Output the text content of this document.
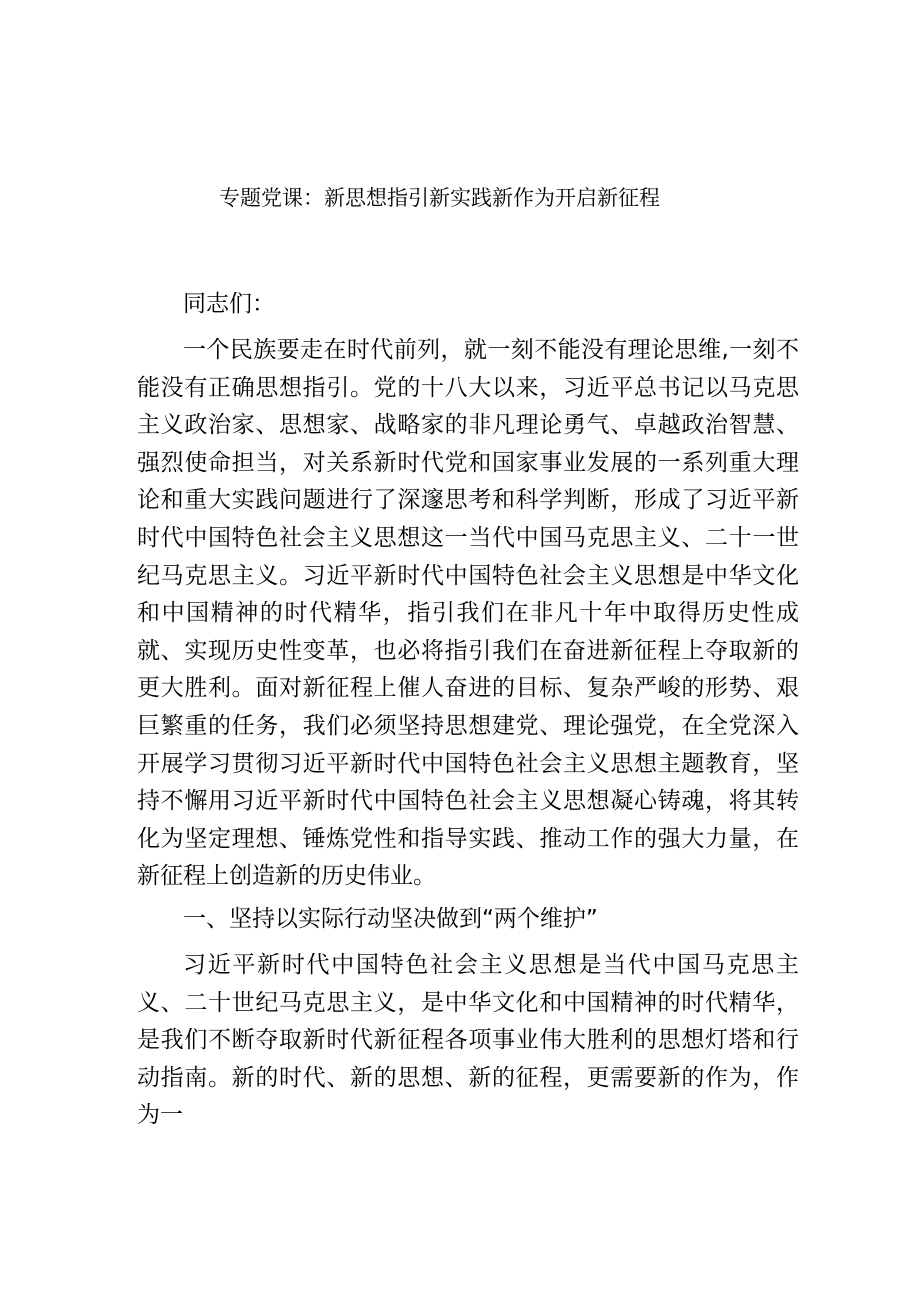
专题党课：新思想指引新实践新作为开启新征程

同志们：

一个民族要走在时代前列，就一刻不能没有理论思维,一刻不能没有正确思想指引。党的十八大以来，习近平总书记以马克思主义政治家、思想家、战略家的非凡理论勇气、卓越政治智慧、强烈使命担当，对关系新时代党和国家事业发展的一系列重大理论和重大实践问题进行了深邃思考和科学判断，形成了习近平新时代中国特色社会主义思想这一当代中国马克思主义、二十一世纪马克思主义。习近平新时代中国特色社会主义思想是中华文化和中国精神的时代精华，指引我们在非凡十年中取得历史性成就、实现历史性变革，也必将指引我们在奋进新征程上夺取新的更大胜利。面对新征程上催人奋进的目标、复杂严峻的形势、艰巨繁重的任务，我们必须坚持思想建党、理论强党，在全党深入开展学习贯彻习近平新时代中国特色社会主义思想主题教育，坚持不懈用习近平新时代中国特色社会主义思想凝心铸魂，将其转化为坚定理想、锤炼党性和指导实践、推动工作的强大力量，在新征程上创造新的历史伟业。

一、坚持以实际行动坚决做到“两个维护”

习近平新时代中国特色社会主义思想是当代中国马克思主义、二十世纪马克思主义，是中华文化和中国精神的时代精华，是我们不断夺取新时代新征程各项事业伟大胜利的思想灯塔和行动指南。新的时代、新的思想、新的征程，更需要新的作为，作为一
